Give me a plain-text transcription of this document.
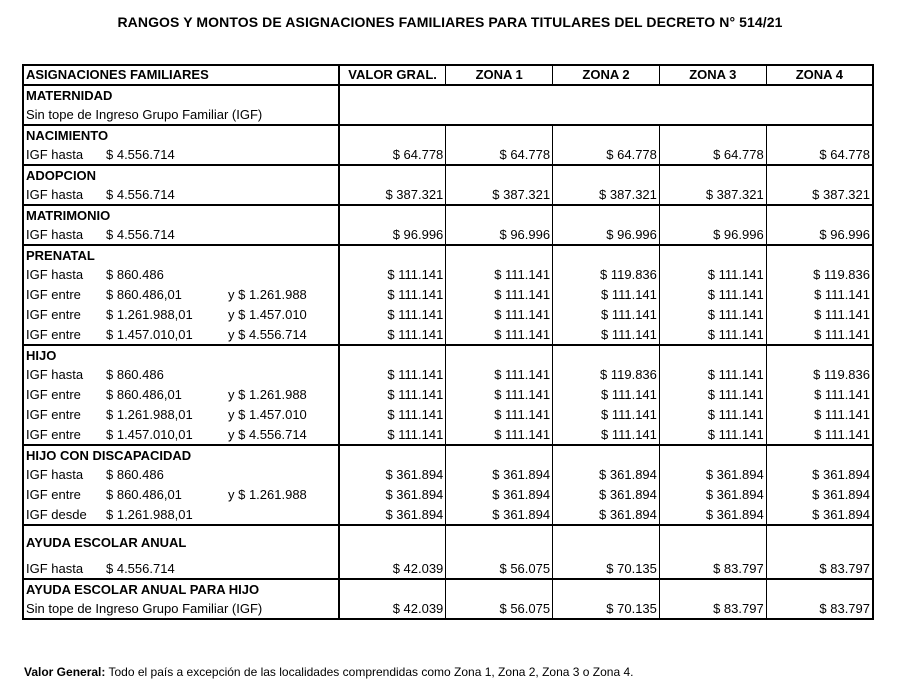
RANGOS Y MONTOS DE ASIGNACIONES FAMILIARES PARA TITULARES DEL DECRETO N° 514/21
ASIGNACIONES FAMILIARES	VALOR GRAL.	ZONA 1	ZONA 2	ZONA 3	ZONA 4
MATERNIDAD					
Sin tope de Ingreso Grupo Familiar (IGF)					
NACIMIENTO					
IGF hasta $ 4.556.714	$ 64.778	$ 64.778	$ 64.778	$ 64.778	$ 64.778
ADOPCION					
IGF hasta $ 4.556.714	$ 387.321	$ 387.321	$ 387.321	$ 387.321	$ 387.321
MATRIMONIO					
IGF hasta $ 4.556.714	$ 96.996	$ 96.996	$ 96.996	$ 96.996	$ 96.996
PRENATAL					
IGF hasta $ 860.486	$ 111.141	$ 111.141	$ 119.836	$ 111.141	$ 119.836
IGF entre $ 860.486,01 y $ 1.261.988	$ 111.141	$ 111.141	$ 111.141	$ 111.141	$ 111.141
IGF entre $ 1.261.988,01 y $ 1.457.010	$ 111.141	$ 111.141	$ 111.141	$ 111.141	$ 111.141
IGF entre $ 1.457.010,01 y $ 4.556.714	$ 111.141	$ 111.141	$ 111.141	$ 111.141	$ 111.141
HIJO					
IGF hasta $ 860.486	$ 111.141	$ 111.141	$ 119.836	$ 111.141	$ 119.836
IGF entre $ 860.486,01 y $ 1.261.988	$ 111.141	$ 111.141	$ 111.141	$ 111.141	$ 111.141
IGF entre $ 1.261.988,01 y $ 1.457.010	$ 111.141	$ 111.141	$ 111.141	$ 111.141	$ 111.141
IGF entre $ 1.457.010,01 y $ 4.556.714	$ 111.141	$ 111.141	$ 111.141	$ 111.141	$ 111.141
HIJO CON DISCAPACIDAD					
IGF hasta $ 860.486	$ 361.894	$ 361.894	$ 361.894	$ 361.894	$ 361.894
IGF entre $ 860.486,01 y $ 1.261.988	$ 361.894	$ 361.894	$ 361.894	$ 361.894	$ 361.894
IGF desde $ 1.261.988,01	$ 361.894	$ 361.894	$ 361.894	$ 361.894	$ 361.894
AYUDA ESCOLAR ANUAL					
IGF hasta $ 4.556.714	$ 42.039	$ 56.075	$ 70.135	$ 83.797	$ 83.797
AYUDA ESCOLAR ANUAL PARA HIJO					
Sin tope de Ingreso Grupo Familiar (IGF)	$ 42.039	$ 56.075	$ 70.135	$ 83.797	$ 83.797
Valor General: Todo el país a excepción de las localidades comprendidas como Zona 1, Zona 2, Zona 3 o Zona 4.
